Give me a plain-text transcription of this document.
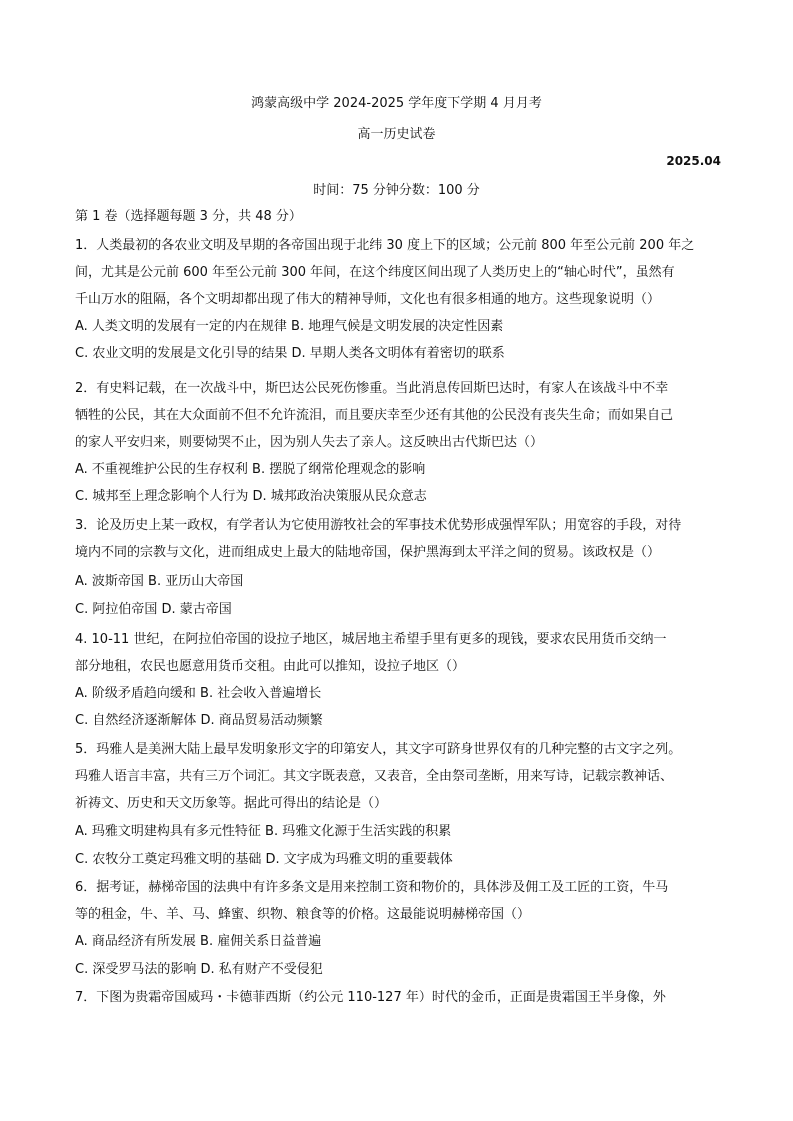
鸿蒙高级中学 2024-2025 学年度下学期 4 月月考
高一历史试卷
2025.04
时间：75 分钟分数：100 分
第 1 卷（选择题每题 3 分，共 48 分）
1．人类最初的各农业文明及早期的各帝国出现于北纬 30 度上下的区域；公元前 800 年至公元前 200 年之
间，尤其是公元前 600 年至公元前 300 年间，在这个纬度区间出现了人类历史上的“轴心时代”，虽然有
千山万水的阻隔，各个文明却都出现了伟大的精神导师，文化也有很多相通的地方。这些现象说明（）
A. 人类文明的发展有一定的内在规律 B. 地理气候是文明发展的决定性因素
C. 农业文明的发展是文化引导的结果 D. 早期人类各文明体有着密切的联系
2．有史料记载，在一次战斗中，斯巴达公民死伤惨重。当此消息传回斯巴达时，有家人在该战斗中不幸
牺牲的公民，其在大众面前不但不允许流泪，而且要庆幸至少还有其他的公民没有丧失生命；而如果自己
的家人平安归来，则要恸哭不止，因为别人失去了亲人。这反映出古代斯巴达（）
A. 不重视维护公民的生存权利 B. 摆脱了纲常伦理观念的影响
C. 城邦至上理念影响个人行为 D. 城邦政治决策服从民众意志
3．论及历史上某一政权，有学者认为它使用游牧社会的军事技术优势形成强悍军队；用宽容的手段，对待
境内不同的宗教与文化，进而组成史上最大的陆地帝国，保护黑海到太平洋之间的贸易。该政权是（）
A. 波斯帝国 B. 亚历山大帝国
C. 阿拉伯帝国 D. 蒙古帝国
4. 10-11 世纪，在阿拉伯帝国的设拉子地区，城居地主希望手里有更多的现钱，要求农民用货币交纳一
部分地租，农民也愿意用货币交租。由此可以推知，设拉子地区（）
A. 阶级矛盾趋向缓和 B. 社会收入普遍增长
C. 自然经济逐渐解体 D. 商品贸易活动频繁
5．玛雅人是美洲大陆上最早发明象形文字的印第安人，其文字可跻身世界仅有的几种完整的古文字之列。
玛雅人语言丰富，共有三万个词汇。其文字既表意，又表音，全由祭司垄断，用来写诗，记载宗教神话、
祈祷文、历史和天文历象等。据此可得出的结论是（）
A. 玛雅文明建构具有多元性特征 B. 玛雅文化源于生活实践的积累
C. 农牧分工奠定玛雅文明的基础 D. 文字成为玛雅文明的重要载体
6．据考证，赫梯帝国的法典中有许多条文是用来控制工资和物价的，具体涉及佣工及工匠的工资，牛马
等的租金，牛、羊、马、蜂蜜、织物、粮食等的价格。这最能说明赫梯帝国（）
A. 商品经济有所发展 B. 雇佣关系日益普遍
C. 深受罗马法的影响 D. 私有财产不受侵犯
7．下图为贵霜帝国威玛・卡德菲西斯（约公元 110-127 年）时代的金币，正面是贵霜国王半身像，外
